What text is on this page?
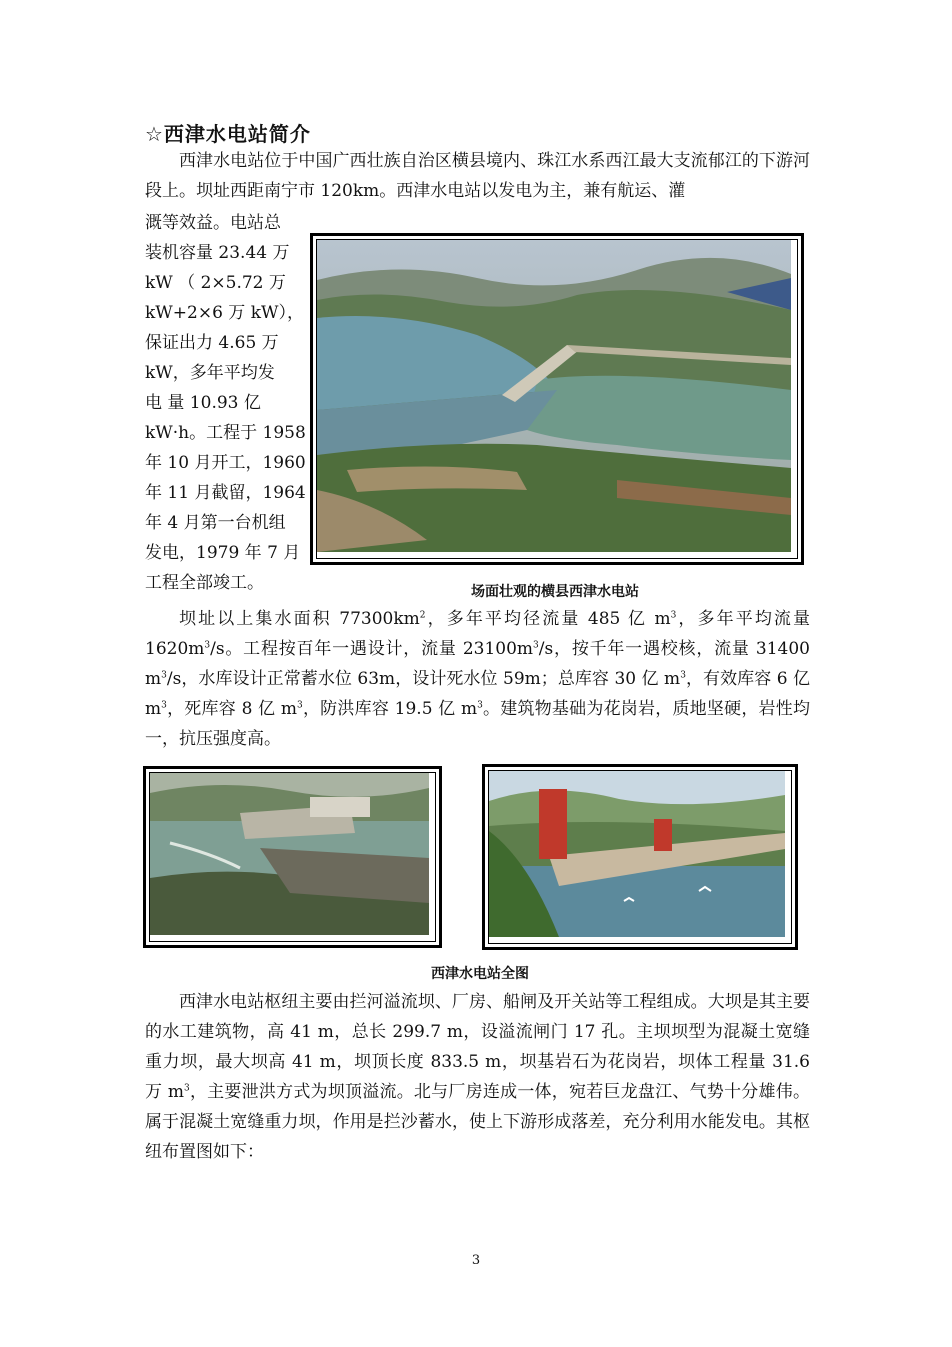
☆西津水电站简介
西津水电站位于中国广西壮族自治区横县境内、珠江水系西江最大支流郁江的下游河段上。坝址西距南宁市 120km。西津水电站以发电为主，兼有航运、灌
溉等效益。电站总
装机容量 23.44 万
kW （ 2×5.72 万
kW+2×6 万 kW），
保证出力 4.65 万
kW，多年平均发
电 量 10.93 亿
kW·h。工程于 1958
年 10 月开工，1960
年 11 月截留，1964
年 4 月第一台机组
发电，1979 年 7 月
工程全部竣工。	场面壮观的横县西津水电站
坝址以上集水面积 $77300km^2$，多年平均径流量 485 亿 $m^3$，多年平均流量 $1620m^3/s$。工程按百年一遇设计，流量 $23100m^3/s$，按千年一遇校核，流量 31400 $m^3/s$，水库设计正常蓄水位 63m，设计死水位 59m；总库容 30 亿 $m^3$，有效库容 6 亿 $m^3$，死库容 8 亿 $m^3$，防洪库容 19.5 亿 $m^3$。建筑物基础为花岗岩，质地坚硬，岩性均一，抗压强度高。
西津水电站全图
西津水电站枢纽主要由拦河溢流坝、厂房、船闸及开关站等工程组成。大坝是其主要的水工建筑物，高 41 m，总长 299.7 m，设溢流闸门 17 孔。主坝坝型为混凝土宽缝重力坝，最大坝高 41 m，坝顶长度 833.5 m，坝基岩石为花岗岩，坝体工程量 31.6 万 $m^3$，主要泄洪方式为坝顶溢流。北与厂房连成一体，宛若巨龙盘江、气势十分雄伟。属于混凝土宽缝重力坝，作用是拦沙蓄水，使上下游形成落差，充分利用水能发电。其枢纽布置图如下：
3
